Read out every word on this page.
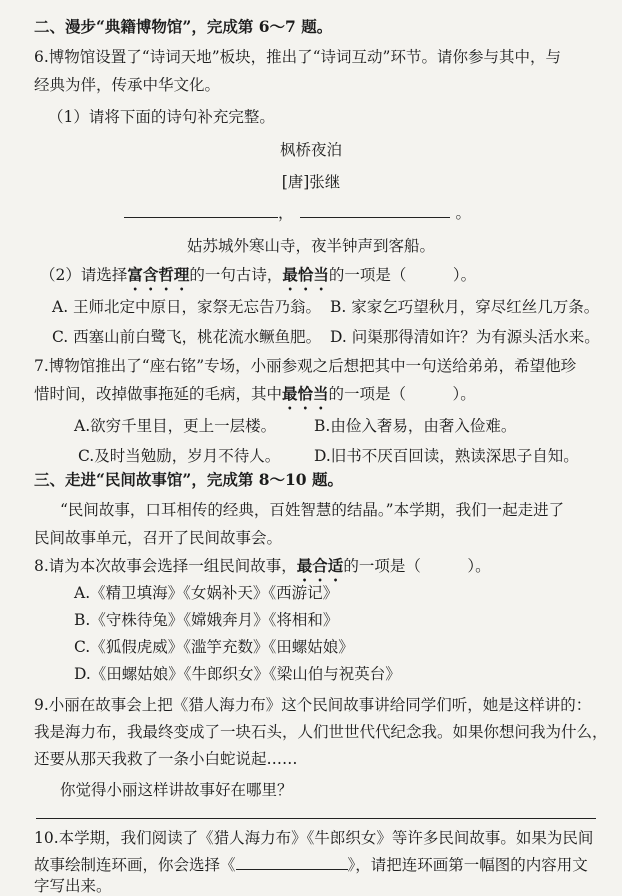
二、漫步“典籍博物馆”，完成第 6～7 题。
6.博物馆设置了“诗词天地”板块，推出了“诗词互动”环节。请你参与其中，与
经典为伴，传承中华文化。
（1）请将下面的诗句补充完整。
枫桥夜泊
[唐]张继
，	。
姑苏城外寒山寺，夜半钟声到客船。
（2）请选择富含哲理的一句古诗，最恰当的一项是（　　　）。
A. 王师北定中原日，家祭无忘告乃翁。 B. 家家乞巧望秋月，穿尽红丝几万条。
C. 西塞山前白鹭飞，桃花流水鳜鱼肥。 D. 问渠那得清如许？为有源头活水来。
7.博物馆推出了“座右铭”专场，小丽参观之后想把其中一句送给弟弟，希望他珍
惜时间，改掉做事拖延的毛病，其中最恰当的一项是（　　　）。
A.欲穷千里目，更上一层楼。 B.由俭入奢易，由奢入俭难。
C.及时当勉励，岁月不待人。 D.旧书不厌百回读，熟读深思子自知。
三、走进“民间故事馆”，完成第 8～10 题。
“民间故事，口耳相传的经典，百姓智慧的结晶。”本学期，我们一起走进了
民间故事单元，召开了民间故事会。
8.请为本次故事会选择一组民间故事，最合适的一项是（　　　）。
A.《精卫填海》《女娲补天》《西游记》
B.《守株待兔》《嫦娥奔月》《将相和》
C.《狐假虎威》《滥竽充数》《田螺姑娘》
D.《田螺姑娘》《牛郎织女》《梁山伯与祝英台》
9.小丽在故事会上把《猎人海力布》这个民间故事讲给同学们听，她是这样讲的：
我是海力布，我最终变成了一块石头，人们世世代代纪念我。如果你想问我为什么，
还要从那天我救了一条小白蛇说起……
你觉得小丽这样讲故事好在哪里？
10.本学期，我们阅读了《猎人海力布》《牛郎织女》等许多民间故事。如果为民间
故事绘制连环画，你会选择《	》，请把连环画第一幅图的内容用文
字写出来。
